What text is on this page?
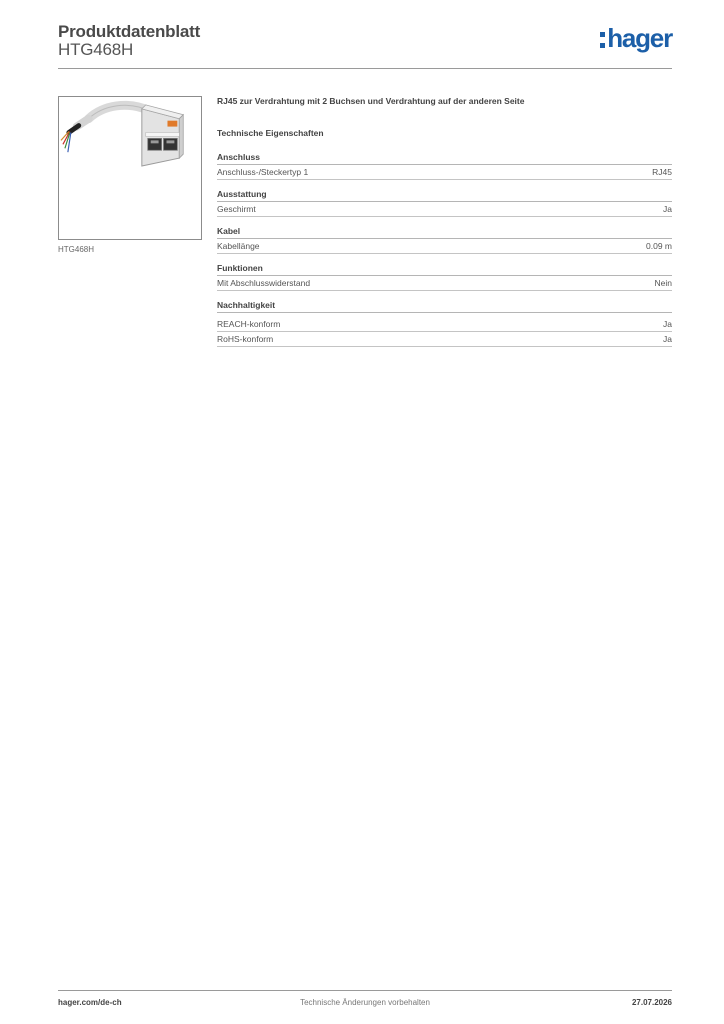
Produktdatenblatt
HTG468H	hager
HTG468H
RJ45 zur Verdrahtung mit 2 Buchsen und Verdrahtung auf der anderen Seite
Technische Eigenschaften
Anschluss
Anschluss-/Steckertyp 1	RJ45
Ausstattung
Geschirmt	Ja
Kabel
Kabellänge	0.09 m
Funktionen
Mit Abschlusswiderstand	Nein
Nachhaltigkeit
REACH-konform	Ja
RoHS-konform	Ja
Technische Änderungen vorbehalten
hager.com/de-ch	27.07.2026
